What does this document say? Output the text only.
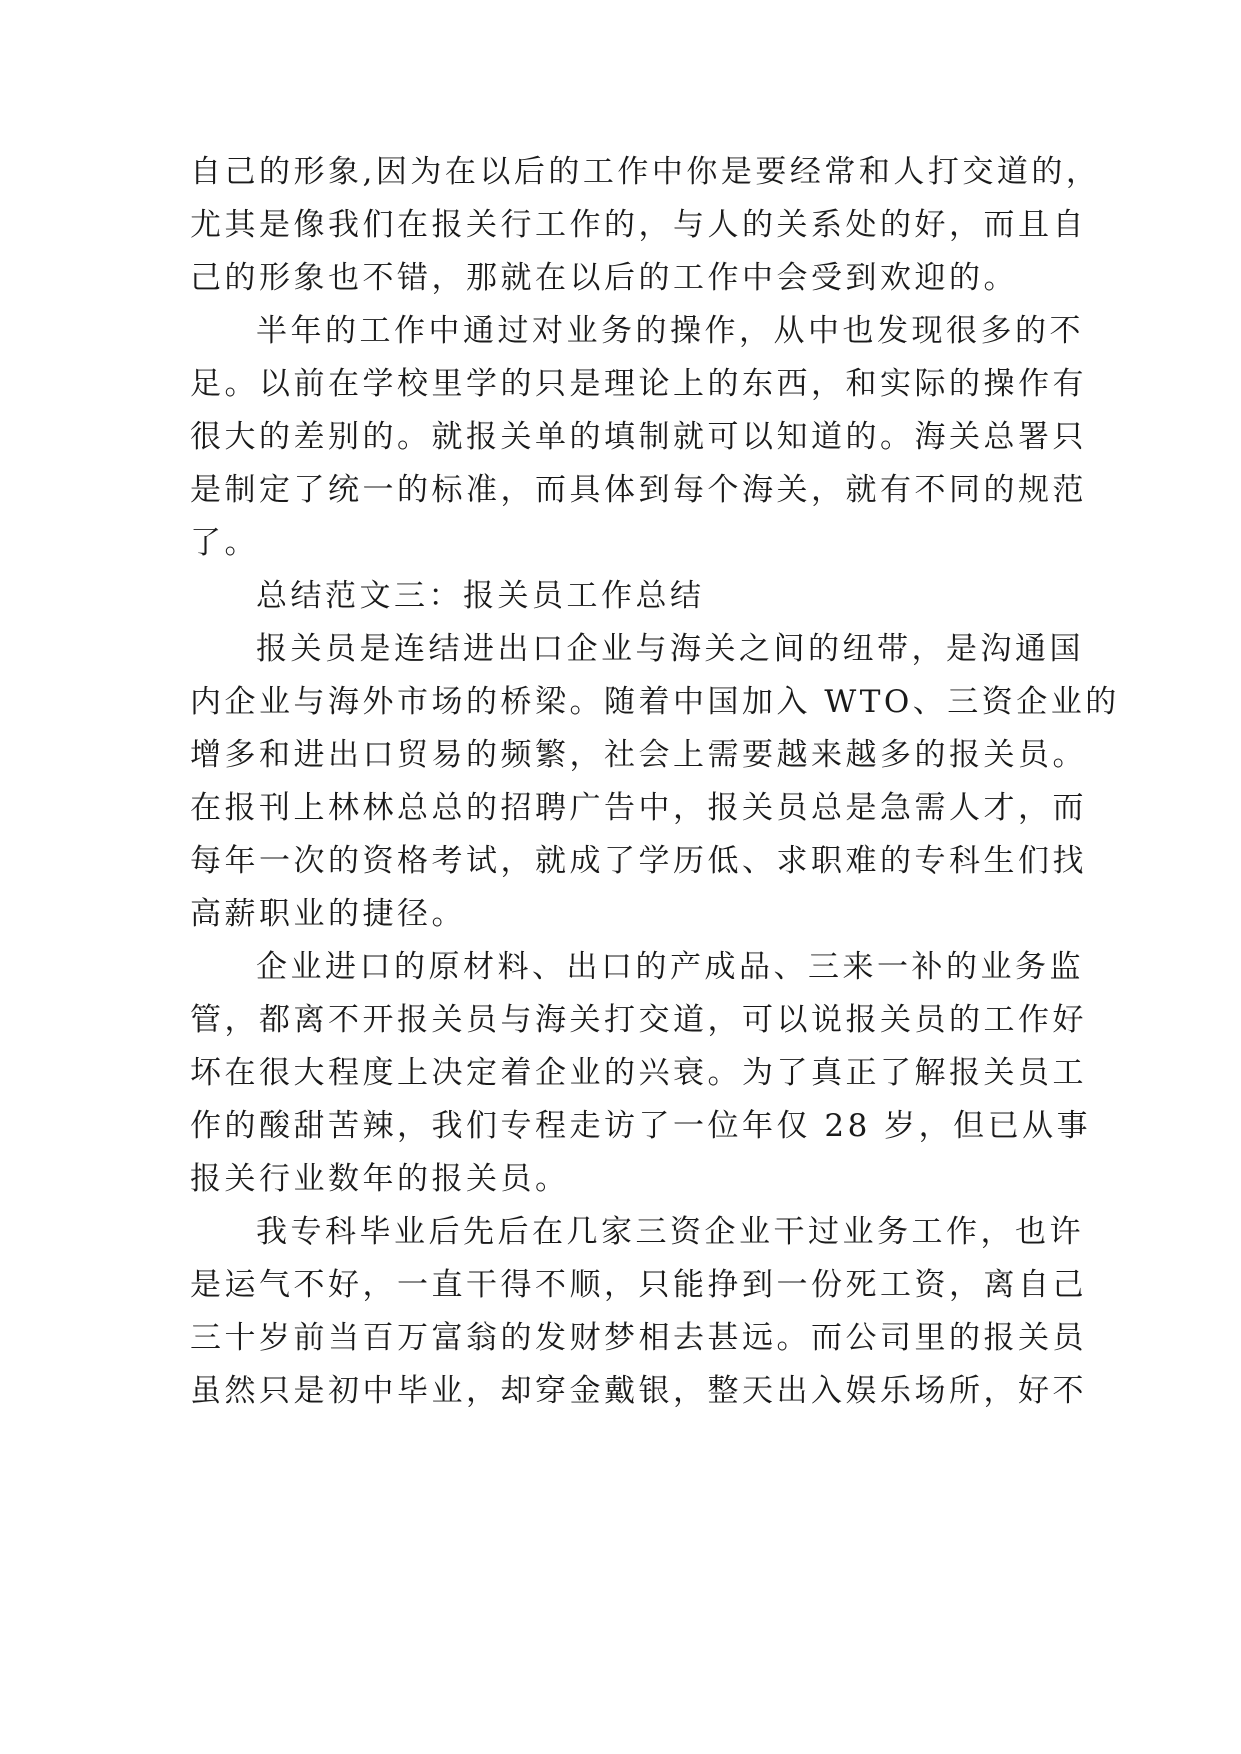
自己的形象,因为在以后的工作中你是要经常和人打交道的，
尤其是像我们在报关行工作的，与人的关系处的好，而且自
己的形象也不错，那就在以后的工作中会受到欢迎的。
半年的工作中通过对业务的操作，从中也发现很多的不
足。以前在学校里学的只是理论上的东西，和实际的操作有
很大的差别的。就报关单的填制就可以知道的。海关总署只
是制定了统一的标准，而具体到每个海关，就有不同的规范
了。
总结范文三：报关员工作总结
报关员是连结进出口企业与海关之间的纽带，是沟通国
内企业与海外市场的桥梁。随着中国加入 WTO、三资企业的
增多和进出口贸易的频繁，社会上需要越来越多的报关员。
在报刊上林林总总的招聘广告中，报关员总是急需人才，而
每年一次的资格考试，就成了学历低、求职难的专科生们找
高薪职业的捷径。
企业进口的原材料、出口的产成品、三来一补的业务监
管，都离不开报关员与海关打交道，可以说报关员的工作好
坏在很大程度上决定着企业的兴衰。为了真正了解报关员工
作的酸甜苦辣，我们专程走访了一位年仅 28 岁，但已从事
报关行业数年的报关员。
我专科毕业后先后在几家三资企业干过业务工作，也许
是运气不好，一直干得不顺，只能挣到一份死工资，离自己
三十岁前当百万富翁的发财梦相去甚远。而公司里的报关员
虽然只是初中毕业，却穿金戴银，整天出入娱乐场所，好不
